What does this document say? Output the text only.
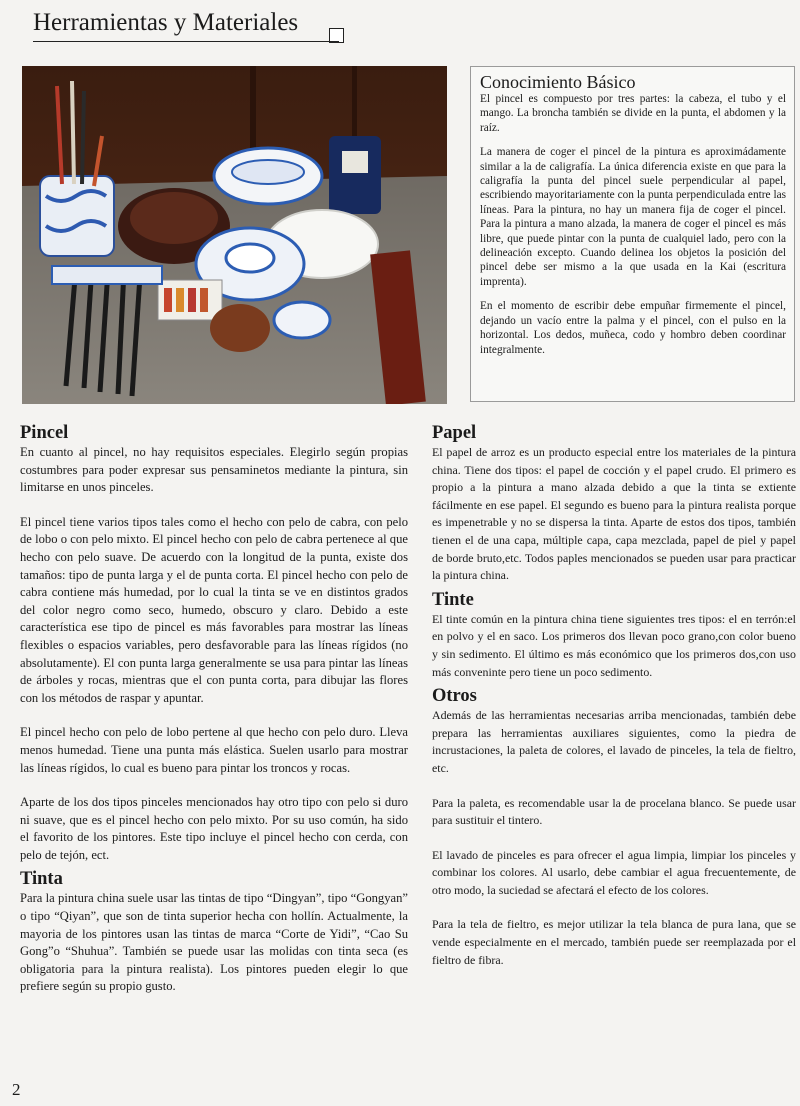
Herramientas y Materiales
Conocimiento Básico

El pincel es compuesto por tres partes: la cabeza, el tubo y el mango. La broncha también se divide en la punta, el abdomen y la raíz.

La manera de coger el pincel de la pintura es aproximádamente similar a la de caligrafía. La única diferencia existe en que para la caligrafía la punta del pincel suele perpendicular al papel, escribiendo mayoritariamente con la punta perpendiculada entre las líneas. Para la pintura, no hay un manera fija de coger el pincel. Para la pintura a mano alzada, la manera de coger el pincel es más libre, que puede pintar con la punta de cualquiel lado, pero con la delineación excepto. Cuando delinea los objetos la posición del pincel debe ser mismo a la que usada en la Kai (escritura imprenta).

En el momento de escribir debe empuñar firmemente el pincel, dejando un vacío entre la palma y el pincel, con el pulso en la horizontal. Los dedos, muñeca, codo y hombro deben coordinar integralmente.

Pincel

En cuanto al pincel, no hay requisitos especiales. Elegirlo según propias costumbres para poder expresar sus pensaminetos mediante la pintura, sin limitarse en unos pinceles.

El pincel tiene varios tipos tales como el hecho con pelo de cabra, con pelo de lobo o con pelo mixto. El pincel hecho con pelo de cabra pertenece al que hecho con pelo suave. De acuerdo con la longitud de la punta, existe dos tamaños: tipo de punta larga y el de punta corta. El pincel hecho con pelo de cabra contiene más humedad, por lo cual la tinta se ve en distintos grados del color negro como seco, humedo, obscuro y claro. Debido a este característica ese tipo de pincel es más favorables para mostrar las líneas flexibles o espacios variables, pero desfavorable para las líneas rígidos (no absolutamente). El con punta larga generalmente se usa para pintar las líneas de árboles y rocas, mientras que el con punta corta, para dibujar las flores con los métodos de raspar y apuntar.

El pincel hecho con pelo de lobo pertene al que hecho con pelo duro. Lleva menos humedad. Tiene una punta más elástica. Suelen usarlo para mostrar las líneas rígidos, lo cual es bueno para pintar los troncos y rocas.

Aparte de los dos tipos pinceles mencionados hay otro tipo con pelo si duro ni suave, que es el pincel hecho con pelo mixto. Por su uso común, ha sido el favorito de los pintores. Este tipo incluye el pincel hecho con cerda, con pelo de tejón, ect.

Tinta

Para la pintura china suele usar las tintas de tipo “Dingyan”, tipo “Gongyan” o tipo “Qiyan”, que son de tinta superior hecha con hollín. Actualmente, la mayoria de los pintores usan las tintas de marca “Corte de Yidi”, “Cao Su Gong”o “Shuhua”. También se puede usar las molidas con tinta seca (es obligatoria para la pintura realista). Los pintores pueden elegir lo que prefiere según su propio gusto.

Papel

El papel de arroz es un producto especial entre los materiales de la pintura china. Tiene dos tipos: el papel de cocción y el papel crudo. El primero es propio a la pintura a mano alzada debido a que la tinta se extiente fácilmente en ese papel. El segundo es bueno para la pintura realista porque es impenetrable y no se dispersa la tinta. Aparte de estos dos tipos, también tienen el de una capa, múltiple capa, capa mezclada, papel de piel y papel de borde bruto,etc. Todos paples mencionados se pueden usar para practicar la pintura china.

Tinte

El tinte común en la pintura china tiene siguientes tres tipos: el en terrón:el en polvo y el en saco. Los primeros dos llevan poco grano,con color bueno y sin sedimento. El último es más económico que los primeros dos,con uso más conveninte pero tiene un poco sedimento.

Otros

Además de las herramientas necesarias arriba mencionadas, también debe prepara las herramientas auxiliares siguientes, como la piedra de incrustaciones, la paleta de colores, el lavado de pinceles, la tela de fieltro, etc.

Para la paleta, es recomendable usar la de procelana blanco. Se puede usar para sustituir el tintero.

El lavado de pinceles es para ofrecer el agua limpia, limpiar los pinceles y combinar los colores. Al usarlo, debe cambiar el agua frecuentemente, de otro modo, la suciedad se afectará el efecto de los colores.

Para la tela de fieltro, es mejor utilizar la tela blanca de pura lana, que se vende especialmente en el mercado, también puede ser reemplazada por el fieltro de fibra.

2
